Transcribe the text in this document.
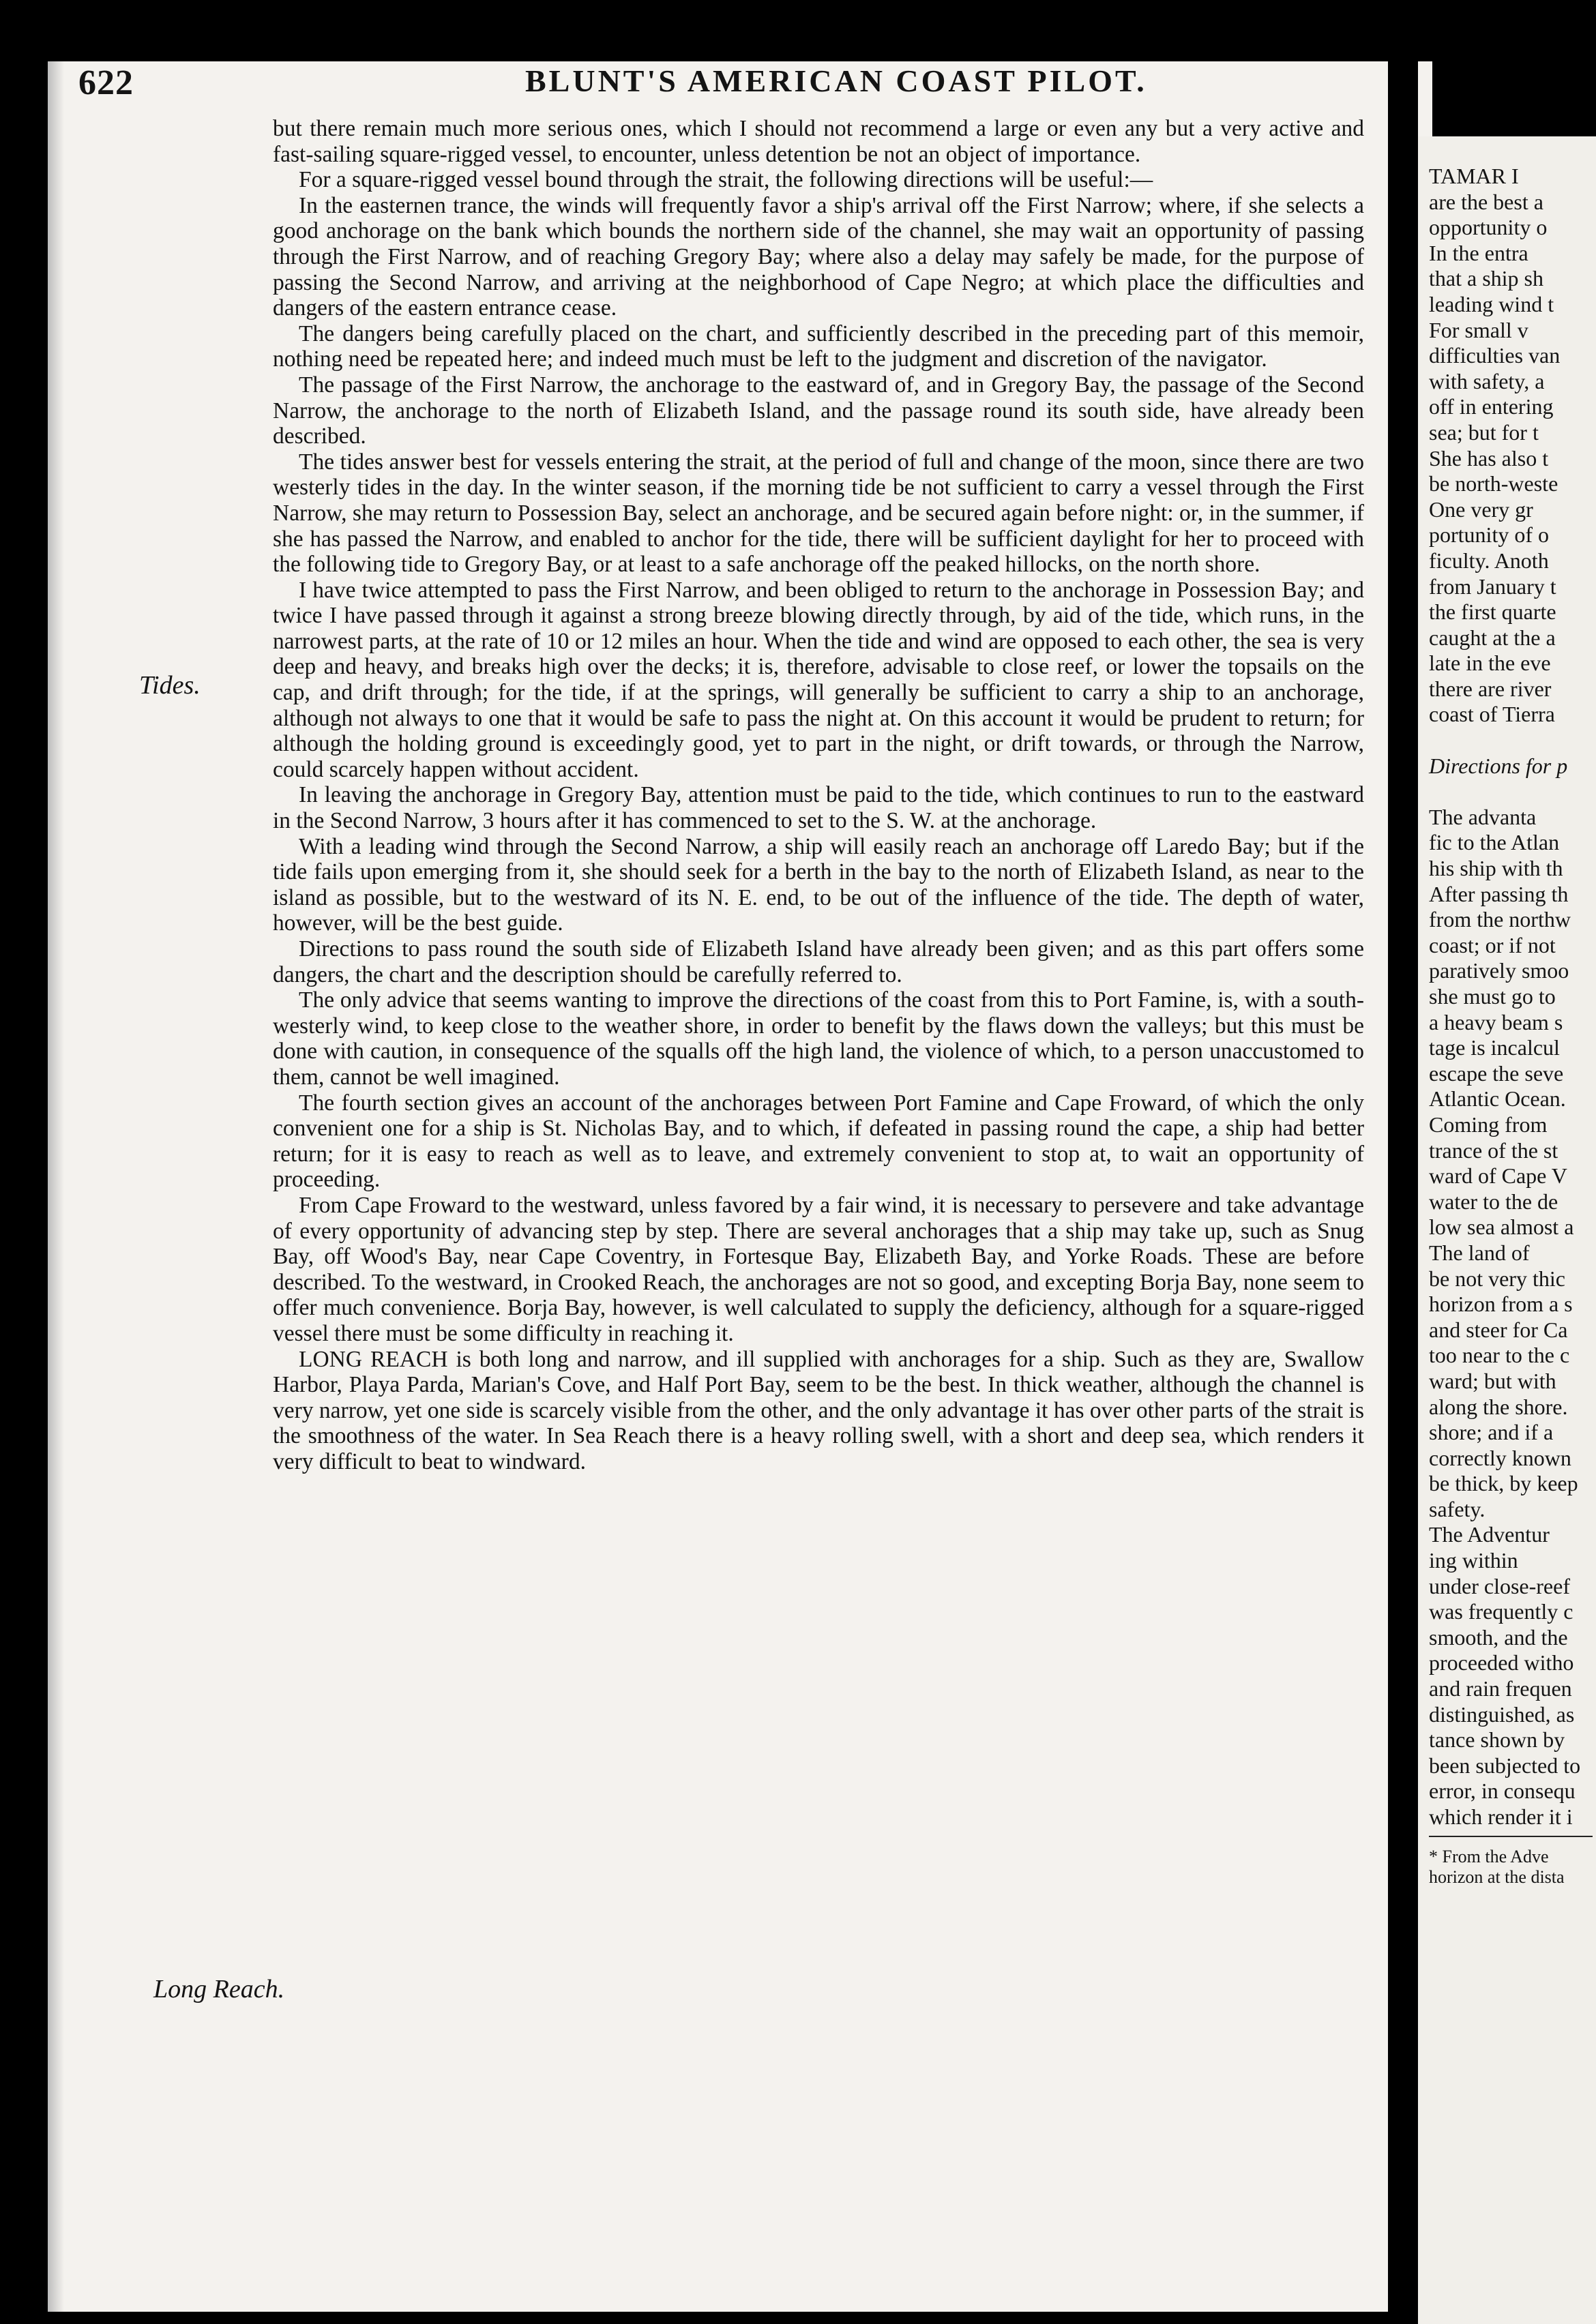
622	BLUNT'S AMERICAN COAST PILOT.
Tides.
Long Reach.

but there remain much more serious ones, which I should not recommend a large or even any but a very active and fast-sailing square-rigged vessel, to encounter, unless detention be not an object of importance.

For a square-rigged vessel bound through the strait, the following directions will be useful:—

In the easternen trance, the winds will frequently favor a ship's arrival off the First Narrow; where, if she selects a good anchorage on the bank which bounds the northern side of the channel, she may wait an opportunity of passing through the First Narrow, and of reaching Gregory Bay; where also a delay may safely be made, for the purpose of passing the Second Narrow, and arriving at the neighborhood of Cape Negro; at which place the difficulties and dangers of the eastern entrance cease.

The dangers being carefully placed on the chart, and sufficiently described in the preceding part of this memoir, nothing need be repeated here; and indeed much must be left to the judgment and discretion of the navigator.

The passage of the First Narrow, the anchorage to the eastward of, and in Gregory Bay, the passage of the Second Narrow, the anchorage to the north of Elizabeth Island, and the passage round its south side, have already been described.

The tides answer best for vessels entering the strait, at the period of full and change of the moon, since there are two westerly tides in the day. In the winter season, if the morning tide be not sufficient to carry a vessel through the First Narrow, she may return to Possession Bay, select an anchorage, and be secured again before night: or, in the summer, if she has passed the Narrow, and enabled to anchor for the tide, there will be sufficient daylight for her to proceed with the following tide to Gregory Bay, or at least to a safe anchorage off the peaked hillocks, on the north shore.

I have twice attempted to pass the First Narrow, and been obliged to return to the anchorage in Possession Bay; and twice I have passed through it against a strong breeze blowing directly through, by aid of the tide, which runs, in the narrowest parts, at the rate of 10 or 12 miles an hour. When the tide and wind are opposed to each other, the sea is very deep and heavy, and breaks high over the decks; it is, therefore, advisable to close reef, or lower the topsails on the cap, and drift through; for the tide, if at the springs, will generally be sufficient to carry a ship to an anchorage, although not always to one that it would be safe to pass the night at. On this account it would be prudent to return; for although the holding ground is exceedingly good, yet to part in the night, or drift towards, or through the Narrow, could scarcely happen without accident.

In leaving the anchorage in Gregory Bay, attention must be paid to the tide, which continues to run to the eastward in the Second Narrow, 3 hours after it has commenced to set to the S. W. at the anchorage.

With a leading wind through the Second Narrow, a ship will easily reach an anchorage off Laredo Bay; but if the tide fails upon emerging from it, she should seek for a berth in the bay to the north of Elizabeth Island, as near to the island as possible, but to the westward of its N. E. end, to be out of the influence of the tide. The depth of water, however, will be the best guide.

Directions to pass round the south side of Elizabeth Island have already been given; and as this part offers some dangers, the chart and the description should be carefully referred to.

The only advice that seems wanting to improve the directions of the coast from this to Port Famine, is, with a south-westerly wind, to keep close to the weather shore, in order to benefit by the flaws down the valleys; but this must be done with caution, in consequence of the squalls off the high land, the violence of which, to a person unaccustomed to them, cannot be well imagined.

The fourth section gives an account of the anchorages between Port Famine and Cape Froward, of which the only convenient one for a ship is St. Nicholas Bay, and to which, if defeated in passing round the cape, a ship had better return; for it is easy to reach as well as to leave, and extremely convenient to stop at, to wait an opportunity of proceeding.

From Cape Froward to the westward, unless favored by a fair wind, it is necessary to persevere and take advantage of every opportunity of advancing step by step. There are several anchorages that a ship may take up, such as Snug Bay, off Wood's Bay, near Cape Coventry, in Fortesque Bay, Elizabeth Bay, and Yorke Roads. These are before described. To the westward, in Crooked Reach, the anchorages are not so good, and excepting Borja Bay, none seem to offer much convenience. Borja Bay, however, is well calculated to supply the deficiency, although for a square-rigged vessel there must be some difficulty in reaching it.

LONG REACH is both long and narrow, and ill supplied with anchorages for a ship. Such as they are, Swallow Harbor, Playa Parda, Marian's Cove, and Half Port Bay, seem to be the best. In thick weather, although the channel is very narrow, yet one side is scarcely visible from the other, and the only advantage it has over other parts of the strait is the smoothness of the water. In Sea Reach there is a heavy rolling swell, with a short and deep sea, which renders it very difficult to beat to windward.

TAMAR I
are the best a
opportunity o
In the entra
that a ship sh
leading wind t
For small v
difficulties van
with safety, a
off in entering
sea; but for t
She has also t
be north-weste
One very gr
portunity of o
ficulty. Anoth
from January t
the first quarte
caught at the a
late in the eve
there are river
coast of Tierra
Directions for p
The advanta
fic to the Atlan
his ship with th
After passing th
from the northw
coast; or if not
paratively smoo
she must go to
a heavy beam s
tage is incalcul
escape the seve
Atlantic Ocean.
Coming from
trance of the st
ward of Cape V
water to the de
low sea almost a
The land of
be not very thic
horizon from a s
and steer for Ca
too near to the c
ward; but with
along the shore.
shore; and if a
correctly known
be thick, by keep
safety.
The Adventur
ing within
under close-reef
was frequently c
smooth, and the
proceeded witho
and rain frequen
distinguished, as
tance shown by
been subjected to
error, in consequ
which render it i
* From the Adve
horizon at the dista
